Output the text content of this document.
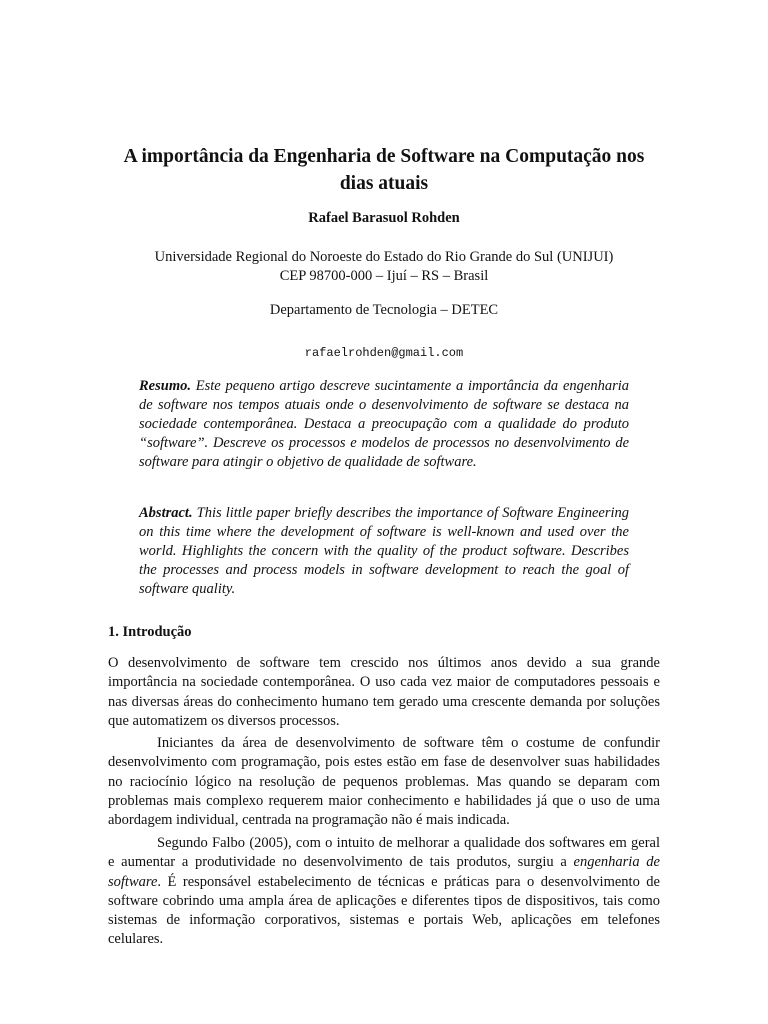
A importância da Engenharia de Software na Computação nos dias atuais
Rafael Barasuol Rohden
Universidade Regional do Noroeste do Estado do Rio Grande do Sul (UNIJUI)
CEP 98700-000 – Ijuí – RS – Brasil
Departamento de Tecnologia – DETEC
rafaelrohden@gmail.com

Resumo. Este pequeno artigo descreve sucintamente a importância da engenharia de software nos tempos atuais onde o desenvolvimento de software se destaca na sociedade contemporânea. Destaca a preocupação com a qualidade do produto “software”. Descreve os processos e modelos de processos no desenvolvimento de software para atingir o objetivo de qualidade de software.

Abstract. This little paper briefly describes the importance of Software Engineering on this time where the development of software is well-known and used over the world. Highlights the concern with the quality of the product software. Describes the processes and process models in software development to reach the goal of software quality.

1. Introdução

O desenvolvimento de software tem crescido nos últimos anos devido a sua grande importância na sociedade contemporânea. O uso cada vez maior de computadores pessoais e nas diversas áreas do conhecimento humano tem gerado uma crescente demanda por soluções que automatizem os diversos processos.

Iniciantes da área de desenvolvimento de software têm o costume de confundir desenvolvimento com programação, pois estes estão em fase de desenvolver suas habilidades no raciocínio lógico na resolução de pequenos problemas. Mas quando se deparam com problemas mais complexo requerem maior conhecimento e habilidades já que o uso de uma abordagem individual, centrada na programação não é mais indicada.

Segundo Falbo (2005), com o intuito de melhorar a qualidade dos softwares em geral e aumentar a produtividade no desenvolvimento de tais produtos, surgiu a engenharia de software. É responsável estabelecimento de técnicas e práticas para o desenvolvimento de software cobrindo uma ampla área de aplicações e diferentes tipos de dispositivos, tais como sistemas de informação corporativos, sistemas e portais Web, aplicações em telefones celulares.
